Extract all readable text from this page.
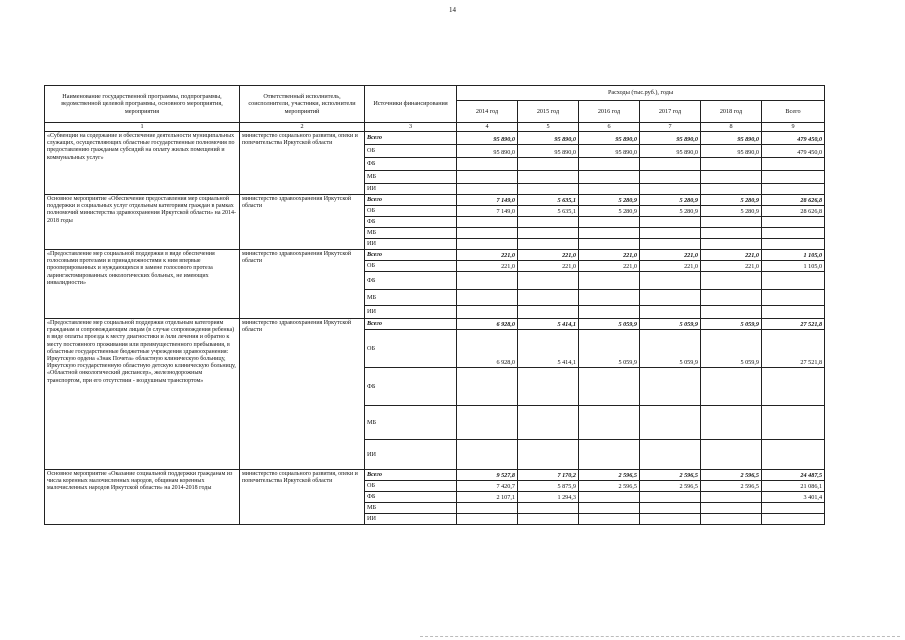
14
Наименование государственной программы, подпрограммы, ведомственной целевой программы, основного мероприятия, мероприятия	Ответственный исполнитель, соисполнители, участники, исполнители мероприятий	Источники финансирования	Расходы (тыс.руб.), годы					
			2014 год	2015 год	2016 год	2017 год	2018 год	Всего
1	2	3	4	5	6	7	8	9
«Субвенции на содержание и обеспечение деятельности муниципальных служащих, осуществляющих областные государственные полномочия по предоставлению гражданам субсидий на оплату жилых помещений и коммунальных услуг»	министерство социального развития, опеки и попечительства Иркутской области	Всего	95 890,0	95 890,0	95 890,0	95 890,0	95 890,0	479 450,0
		ОБ	95 890,0	95 890,0	95 890,0	95 890,0	95 890,0	479 450,0
		ФБ						
		МБ						
		ИИ						
Основное мероприятие «Обеспечение предоставления мер социальной поддержки и социальных услуг отдельным категориям граждан в рамках полномочий министерства здравоохранения Иркутской области» на 2014-2018 годы	министерство здравоохранения Иркутской области	Всего	7 149,0	5 635,1	5 280,9	5 280,9	5 280,9	28 626,8
		ОБ	7 149,0	5 635,1	5 280,9	5 280,9	5 280,9	28 626,8
		ФБ						
		МБ						
		ИИ						
«Предоставление мер социальной поддержки в виде обеспечения голосовыми протезами и принадлежностями к ним впервые прооперированных и нуждающихся в замене голосового протеза ларингэктомированных онкологических больных, не имеющих инвалидности»	министерство здравоохранения Иркутской области	Всего	221,0	221,0	221,0	221,0	221,0	1 105,0
		ОБ	221,0	221,0	221,0	221,0	221,0	1 105,0
		ФБ						
		МБ						
		ИИ						
«Предоставление мер социальной поддержки отдельным категориям гражданам и сопровождающим лицам (в случае сопровождения ребенка) в виде оплаты проезда к месту диагностики и /или лечения и обратно к месту постоянного проживания или преимущественного пребывания, в областные государственные бюджетные учреждения здравоохранения: Иркутскую ордена «Знак Почета» областную клиническую больницу, Иркутскую государственную областную детскую клиническую больницу, «Областной онкологический диспансер», железнодорожным транспортом, при его отсутствии - воздушным транспортом»	министерство здравоохранения Иркутской области	Всего	6 928,0	5 414,1	5 059,9	5 059,9	5 059,9	27 521,8
		ОБ	6 928,0	5 414,1	5 059,9	5 059,9	5 059,9	27 521,8
		ФБ						
		МБ						
		ИИ						
Основное мероприятие «Оказание социальной поддержки гражданам из числа коренных малочисленных народов, общинам коренных малочисленных народов Иркутской области» на 2014-2018 годы	министерство социального развития, опеки и попечительства Иркутской области	Всего	9 527,8	7 170,2	2 596,5	2 596,5	2 596,5	24 487,5
		ОБ	7 420,7	5 875,9	2 596,5	2 596,5	2 596,5	21 086,1
		ФБ	2 107,1	1 294,3				3 401,4
		МБ						
		ИИ						
